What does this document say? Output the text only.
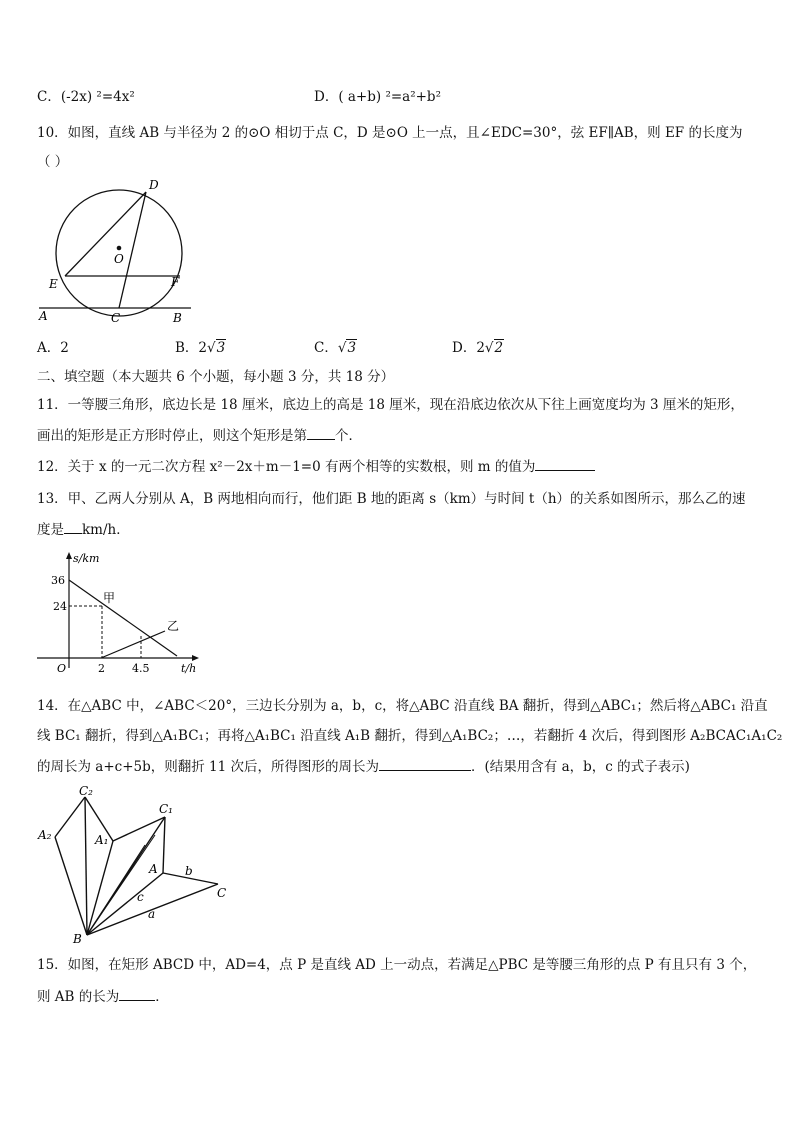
C．(-2x) ²=4x²	D．( a+b) ²=a²+b²
10．如图，直线 AB 与半径为 2 的⊙O 相切于点 C，D 是⊙O 上一点，且∠EDC=30°，弦 EF∥AB，则 EF 的长度为
（ ）
D
O
E	F
A	C	B
A．2	B．2√3	C．√3	D．2√2
二、填空题（本大题共 6 个小题，每小题 3 分，共 18 分）
11．一等腰三角形，底边长是 18 厘米，底边上的高是 18 厘米，现在沿底边依次从下往上画宽度均为 3 厘米的矩形，
画出的矩形是正方形时停止，则这个矩形是第 个．
12．关于 x 的一元二次方程 x²－2x＋m－1=0 有两个相等的实数根，则 m 的值为
13．甲、乙两人分别从 A，B 两地相向而行，他们距 B 地的距离 s（km）与时间 t（h）的关系如图所示，那么乙的速
度是 km/h．
s/km
t/h
O
36
24
2 4.5
甲
乙
14．在△ABC 中，∠ABC＜20°，三边长分别为 a，b，c，将△ABC 沿直线 BA 翻折，得到△ABC₁；然后将△ABC₁ 沿直
线 BC₁ 翻折，得到△A₁BC₁；再将△A₁BC₁ 沿直线 A₁B 翻折，得到△A₁BC₂；…，若翻折 4 次后，得到图形 A₂BCAC₁A₁C₂
的周长为 a+c+5b，则翻折 11 次后，所得图形的周长为	．(结果用含有 a，b，c 的式子表示)
C₂
C₁
A₂	A₁
A
B
C
a
b
c
15．如图，在矩形 ABCD 中，AD=4，点 P 是直线 AD 上一动点，若满足△PBC 是等腰三角形的点 P 有且只有 3 个，
则 AB 的长为	．
